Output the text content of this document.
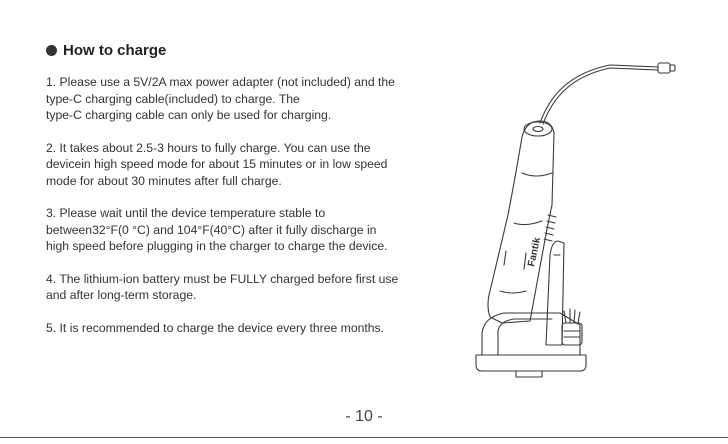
How to charge

1. Please use a 5V/2A max power adapter (not included) and the
type-C charging cable(included) to charge. The
type-C charging cable can only be used for charging.

2. It takes about 2.5-3 hours to fully charge. You can use the
devicein high speed mode for about 15 minutes or in low speed
mode for about 30 minutes after full charge.

3. Please wait until the device temperature stable to
between32°F(0 °C) and 104°F(40°C) after it fully discharge in
high speed before plugging in the charger to charge the device.

4. The lithium-ion battery must be FULLY charged before first use
and after long-term storage.

5. It is recommended to charge the device every three months.

Fantik
- 10 -
